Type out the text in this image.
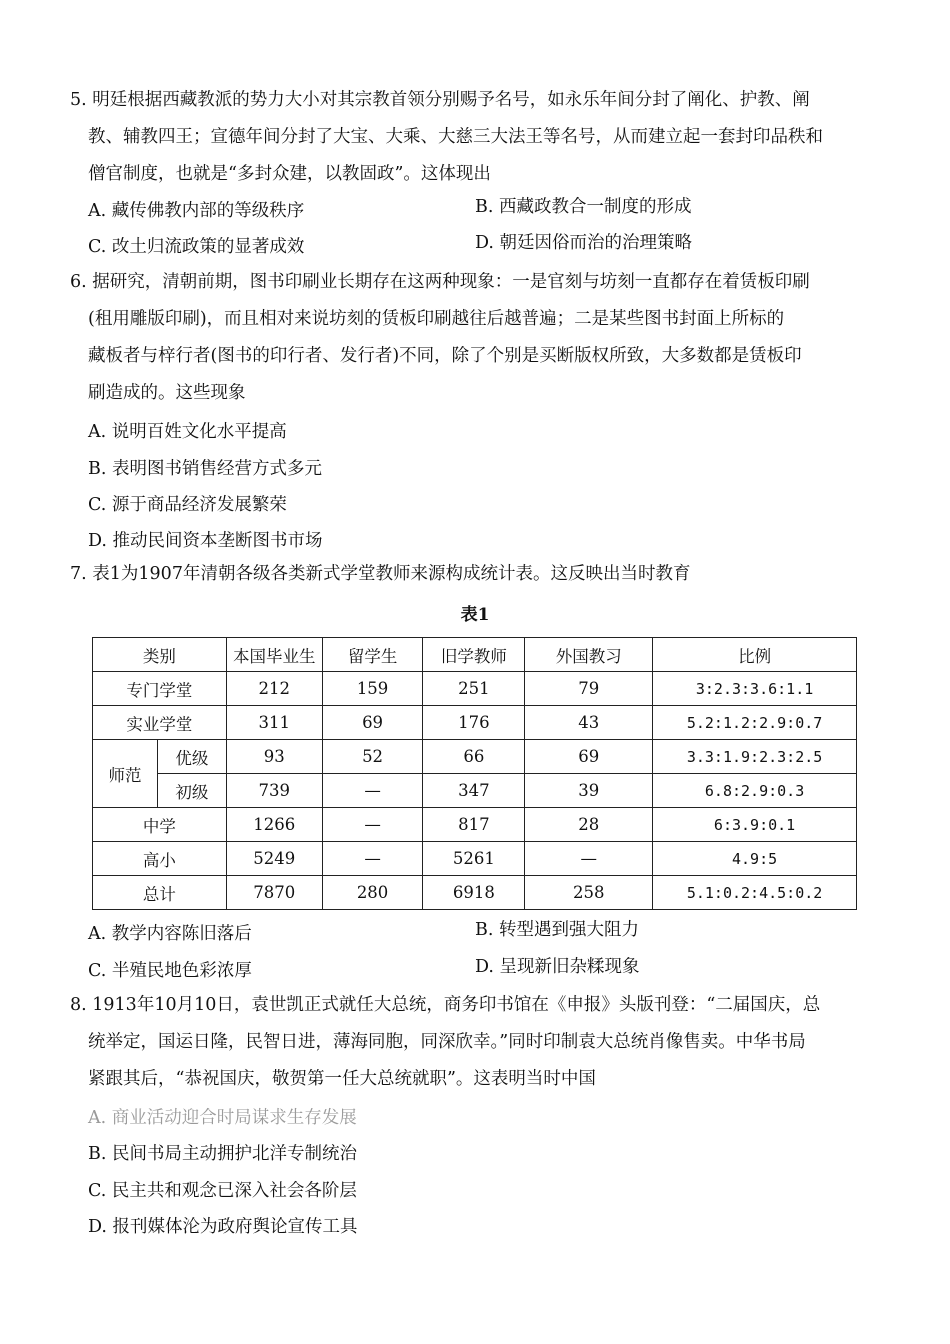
5. 明廷根据西藏教派的势力大小对其宗教首领分别赐予名号，如永乐年间分封了阐化、护教、阐
教、辅教四王；宣德年间分封了大宝、大乘、大慈三大法王等名号，从而建立起一套封印品秩和
僧官制度，也就是“多封众建，以教固政”。这体现出

A. 藏传佛教内部的等级秩序	B. 西藏政教合一制度的形成
C. 改土归流政策的显著成效	D. 朝廷因俗而治的治理策略

6. 据研究，清朝前期，图书印刷业长期存在这两种现象：一是官刻与坊刻一直都存在着赁板印刷
(租用雕版印刷)，而且相对来说坊刻的赁板印刷越往后越普遍；二是某些图书封面上所标的
藏板者与梓行者(图书的印行者、发行者)不同，除了个别是买断版权所致，大多数都是赁板印
刷造成的。这些现象

A. 说明百姓文化水平提高
B. 表明图书销售经营方式多元
C. 源于商品经济发展繁荣
D. 推动民间资本垄断图书市场

7. 表1为1907年清朝各级各类新式学堂教师来源构成统计表。这反映出当时教育

表1
类别		本国毕业生	留学生	旧学教师	外国教习	比例
专门学堂		212	159	251	79	3:2.3:3.6:1.1
实业学堂		311	69	176	43	5.2:1.2:2.9:0.7
师范	优级	93	52	66	69	3.3:1.9:2.3:2.5
	初级	739	—	347	39	6.8:2.9:0.3
中学		1266	—	817	28	6:3.9:0.1
高小		5249	—	5261	—	4.9:5
总计		7870	280	6918	258	5.1:0.2:4.5:0.2
A. 教学内容陈旧落后	B. 转型遇到强大阻力
C. 半殖民地色彩浓厚	D. 呈现新旧杂糅现象

8. 1913年10月10日，袁世凯正式就任大总统，商务印书馆在《申报》头版刊登：“二届国庆，总
统举定，国运日隆，民智日进，薄海同胞，同深欣幸。”同时印制袁大总统肖像售卖。中华书局
紧跟其后，“恭祝国庆，敬贺第一任大总统就职”。这表明当时中国

A. 商业活动迎合时局谋求生存发展
B. 民间书局主动拥护北洋专制统治
C. 民主共和观念已深入社会各阶层
D. 报刊媒体沦为政府舆论宣传工具
